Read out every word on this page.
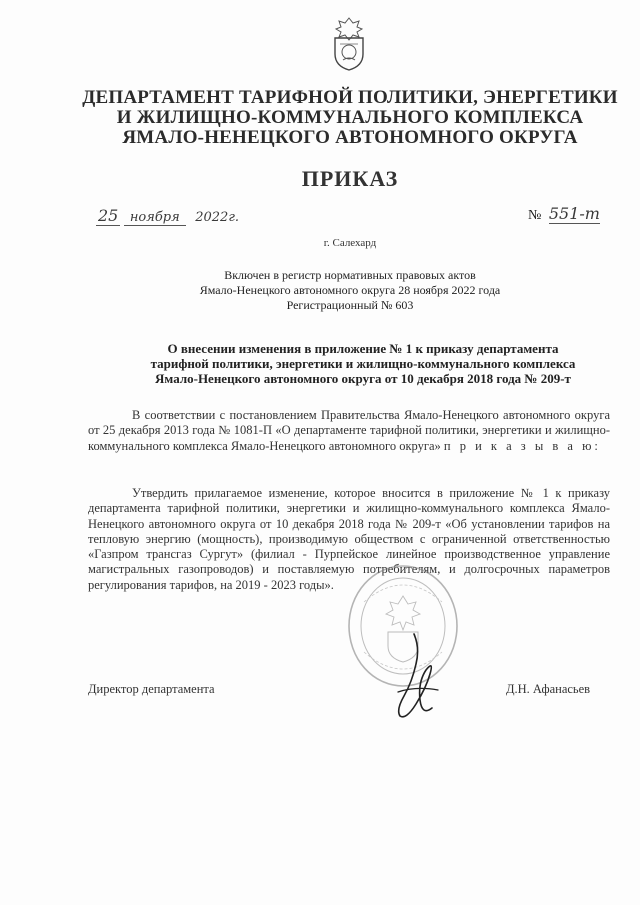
ДЕПАРТАМЕНТ ТАРИФНОЙ ПОЛИТИКИ, ЭНЕРГЕТИКИ
И ЖИЛИЩНО-КОММУНАЛЬНОГО КОМПЛЕКСА
ЯМАЛО-НЕНЕЦКОГО АВТОНОМНОГО ОКРУГА
ПРИКАЗ
25 ноября 2022г.	№ 551-т
г. Салехард
Включен в регистр нормативных правовых актов
Ямало-Ненецкого автономного округа 28 ноября 2022 года
Регистрационный № 603
О внесении изменения в приложение № 1 к приказу департамента
тарифной политики, энергетики и жилищно-коммунального комплекса
Ямало-Ненецкого автономного округа от 10 декабря 2018 года № 209-т
В соответствии с постановлением Правительства Ямало-Ненецкого автономного округа от 25 декабря 2013 года № 1081-П «О департаменте тарифной политики, энергетики и жилищно-коммунального комплекса Ямало-Ненецкого автономного округа» п р и к а з ы в а ю:
Утвердить прилагаемое изменение, которое вносится в приложение № 1 к приказу департамента тарифной политики, энергетики и жилищно-коммунального комплекса Ямало-Ненецкого автономного округа от 10 декабря 2018 года № 209-т «Об установлении тарифов на тепловую энергию (мощность), производимую обществом с ограниченной ответственностью «Газпром трансгаз Сургут» (филиал - Пурпейское линейное производственное управление магистральных газопроводов) и поставляемую потребителям, и долгосрочных параметров регулирования тарифов, на 2019 - 2023 годы».
Директор департамента	Д.Н. Афанасьев
